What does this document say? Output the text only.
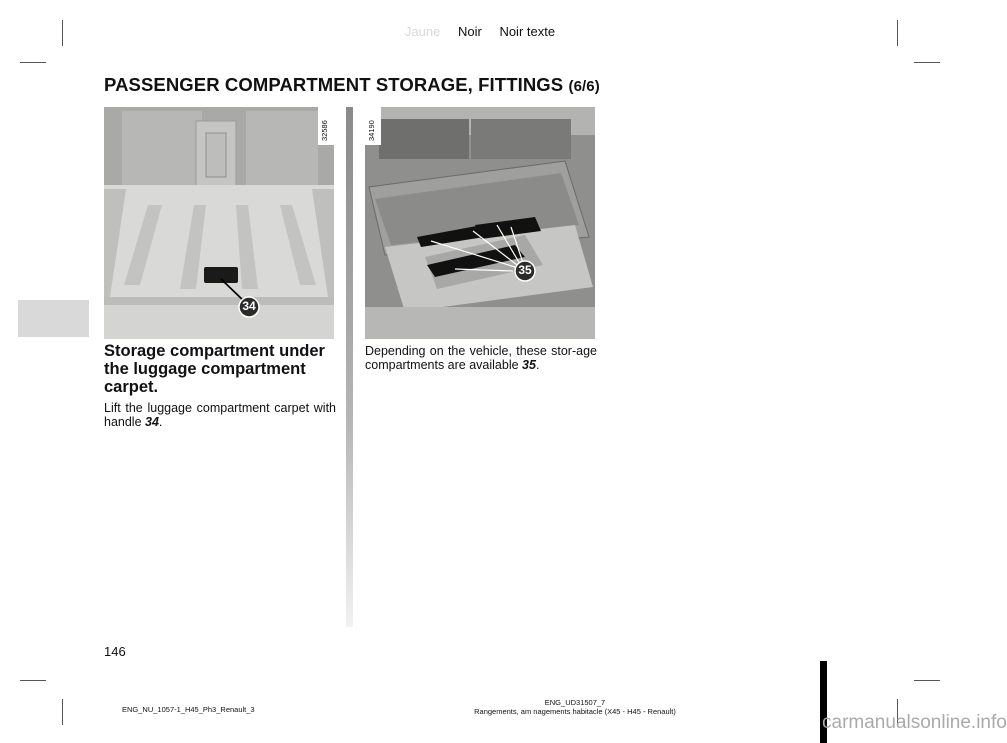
Jaune Noir Noir texte
PASSENGER COMPARTMENT STORAGE, FITTINGS (6/6)
34
32586
35
34190
Storage compartment under the luggage compartment carpet.

Lift the luggage compartment carpet with handle 34.

Depending on the vehicle, these stor-age compartments are available 35.

146
ENG_NU_1057-1_H45_Ph3_Renault_3
ENG_UD31507_7
Rangements, am nagements habitacle (X45 - H45 - Renault)
carmanualsonline.info
